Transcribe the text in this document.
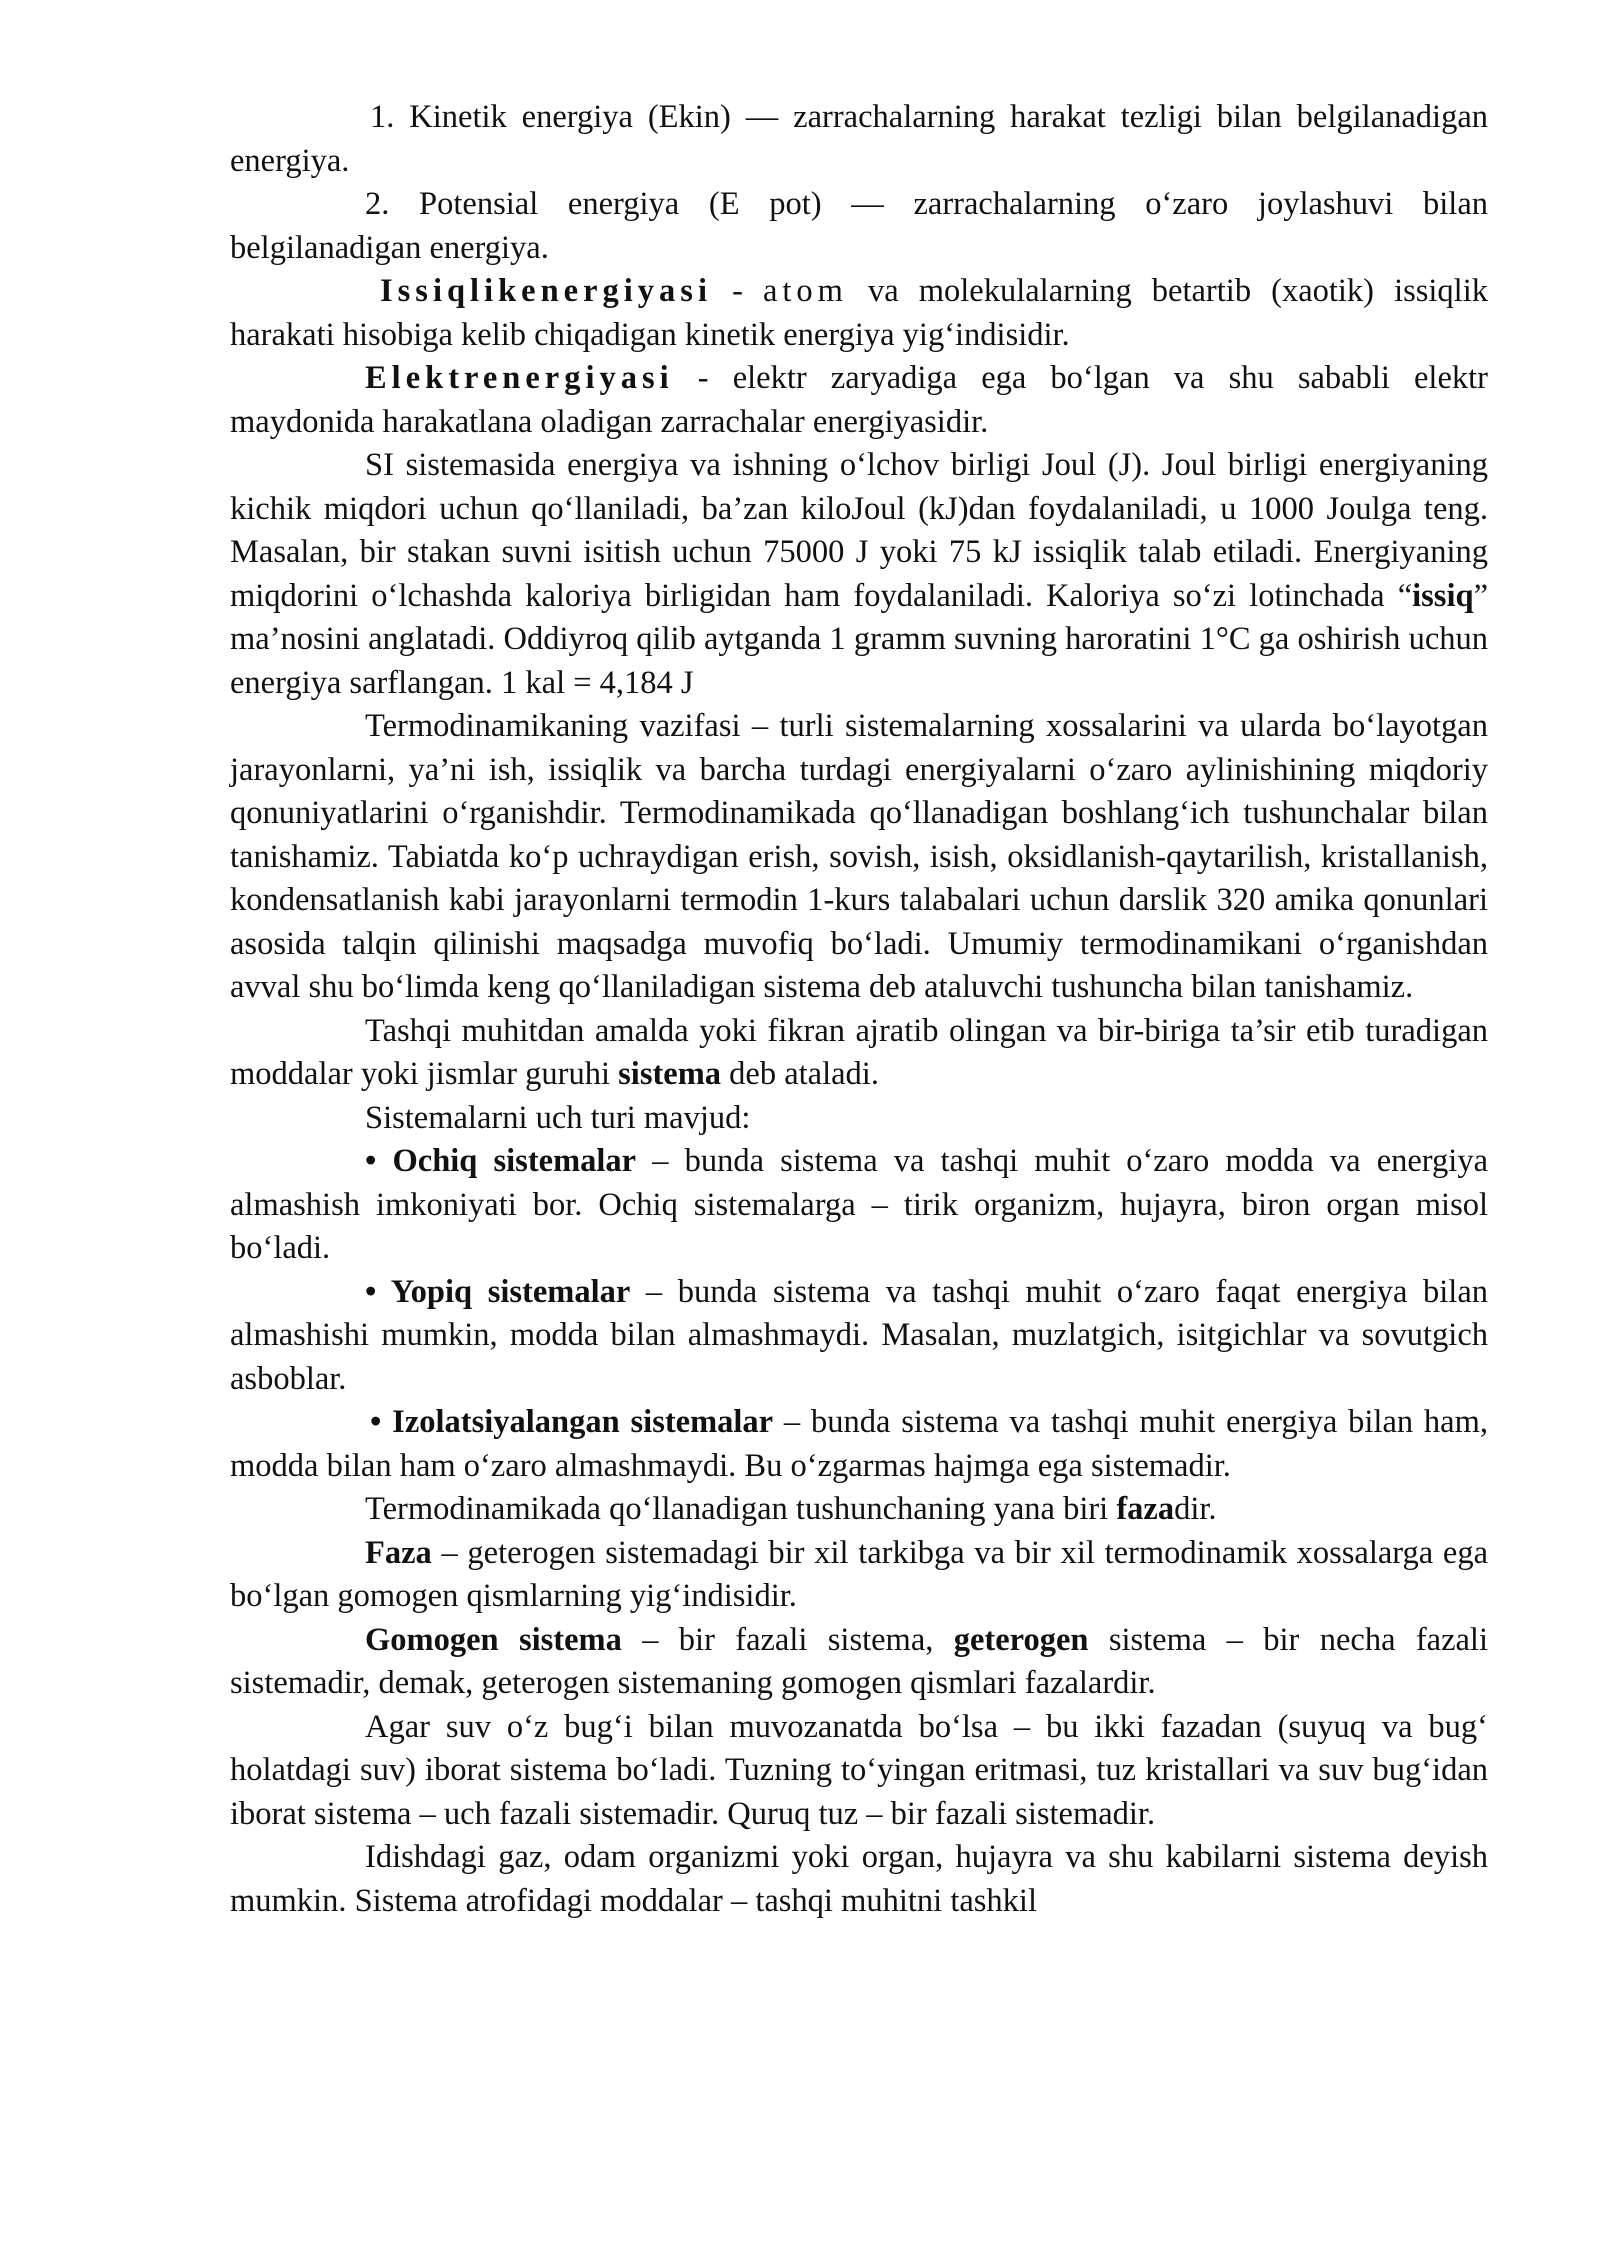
1. Kinetik energiya (Ekin) — zarrachalarning harakat tezligi bilan belgilanadigan energiya.

2. Potensial energiya (E pot) — zarrachalarning o‘zaro joylashuvi bilan belgilanadigan energiya.

Issiqlikenergiyasi - atom va molekulalarning betartib (xaotik) issiqlik harakati hisobiga kelib chiqadigan kinetik energiya yig‘indisidir.

Elektrenergiyasi - elektr zaryadiga ega bo‘lgan va shu sababli elektr maydonida harakatlana oladigan zarrachalar energiyasidir.

SI sistemasida energiya va ishning o‘lchov birligi Joul (J). Joul birligi energiyaning kichik miqdori uchun qo‘llaniladi, ba’zan kiloJoul (kJ)dan foydalaniladi, u 1000 Joulga teng. Masalan, bir stakan suvni isitish uchun 75000 J yoki 75 kJ issiqlik talab etiladi. Energiyaning miqdorini o‘lchashda kaloriya birligidan ham foydalaniladi. Kaloriya so‘zi lotinchada “issiq” ma’nosini anglatadi. Oddiyroq qilib aytganda 1 gramm suvning haroratini 1°C ga oshirish uchun energiya sarflangan. 1 kal = 4,184 J

Termodinamikaning vazifasi – turli sistemalarning xossalarini va ularda bo‘layotgan jarayonlarni, ya’ni ish, issiqlik va barcha turdagi energiyalarni o‘zaro aylinishining miqdoriy qonuniyatlarini o‘rganishdir. Termodinamikada qo‘llanadigan boshlang‘ich tushunchalar bilan tanishamiz. Tabiatda ko‘p uchraydigan erish, sovish, isish, oksidlanish-qaytarilish, kristallanish, kondensatlanish kabi jarayonlarni termodin 1-kurs talabalari uchun darslik 320 amika qonunlari asosida talqin qilinishi maqsadga muvofiq bo‘ladi. Umumiy termodinamikani o‘rganishdan avval shu bo‘limda keng qo‘llaniladigan sistema deb ataluvchi tushuncha bilan tanishamiz.

Tashqi muhitdan amalda yoki fikran ajratib olingan va bir-biriga ta’sir etib turadigan moddalar yoki jismlar guruhi sistema deb ataladi.

Sistemalarni uch turi mavjud:

• Ochiq sistemalar – bunda sistema va tashqi muhit o‘zaro modda va energiya almashish imkoniyati bor. Ochiq sistemalarga – tirik organizm, hujayra, biron organ misol bo‘ladi.

• Yopiq sistemalar – bunda sistema va tashqi muhit o‘zaro faqat energiya bilan almashishi mumkin, modda bilan almashmaydi. Masalan, muzlatgich, isitgichlar va sovutgich asboblar.

• Izolatsiyalangan sistemalar – bunda sistema va tashqi muhit energiya bilan ham, modda bilan ham o‘zaro almashmaydi. Bu o‘zgarmas hajmga ega sistemadir.

Termodinamikada qo‘llanadigan tushunchaning yana biri fazadir.

Faza – geterogen sistemadagi bir xil tarkibga va bir xil termodinamik xossalarga ega bo‘lgan gomogen qismlarning yig‘indisidir.

Gomogen sistema – bir fazali sistema, geterogen sistema – bir necha fazali sistemadir, demak, geterogen sistemaning gomogen qismlari fazalardir.

Agar suv o‘z bug‘i bilan muvozanatda bo‘lsa – bu ikki fazadan (suyuq va bug‘ holatdagi suv) iborat sistema bo‘ladi. Tuzning to‘yingan eritmasi, tuz kristallari va suv bug‘idan iborat sistema – uch fazali sistemadir. Quruq tuz – bir fazali sistemadir.

Idishdagi gaz, odam organizmi yoki organ, hujayra va shu kabilarni sistema deyish mumkin. Sistema atrofidagi moddalar – tashqi muhitni tashkil
